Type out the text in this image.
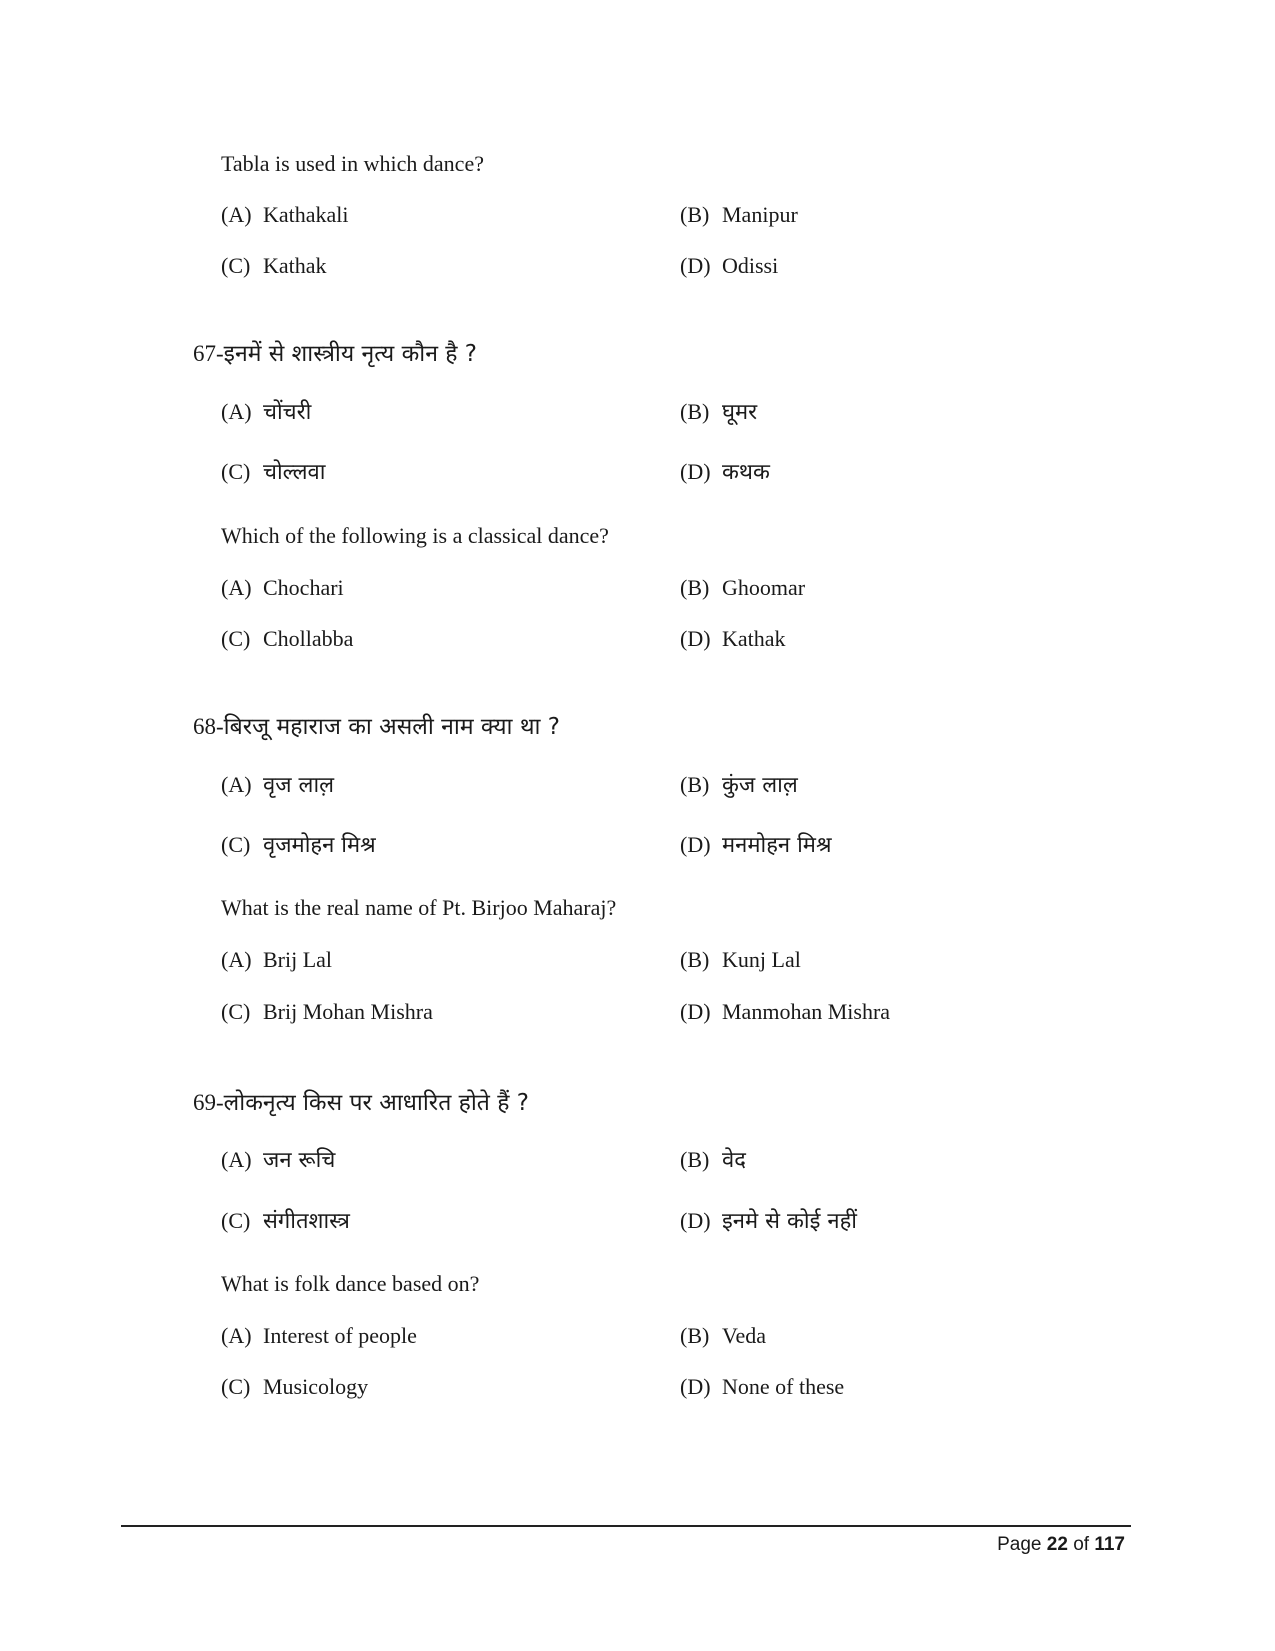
Tabla is used in which dance?
(A) Kathakali	(B) Manipur
(C) Kathak	(D) Odissi
67-इनमें से शास्त्रीय नृत्य कौन है ?
(A) चोंचरी	(B) घूमर
(C) चोल्लवा	(D) कथक
Which of the following is a classical dance?
(A) Chochari	(B) Ghoomar
(C) Chollabba	(D) Kathak
68-बिरजू महाराज का असली नाम क्या था ?
(A) वृज लाल़	(B) कुंज लाल़
(C) वृजमोहन मिश्र	(D) मनमोहन मिश्र
What is the real name of Pt. Birjoo Maharaj?
(A) Brij Lal	(B) Kunj Lal
(C) Brij Mohan Mishra	(D) Manmohan Mishra
69-लोकनृत्य किस पर आधारित होते हैं ?
(A) जन रूचि	(B) वेद
(C) संगीतशास्त्र	(D) इनमे से कोई नहीं
What is folk dance based on?
(A) Interest of people	(B) Veda
(C) Musicology	(D) None of these
Page 22 of 117
